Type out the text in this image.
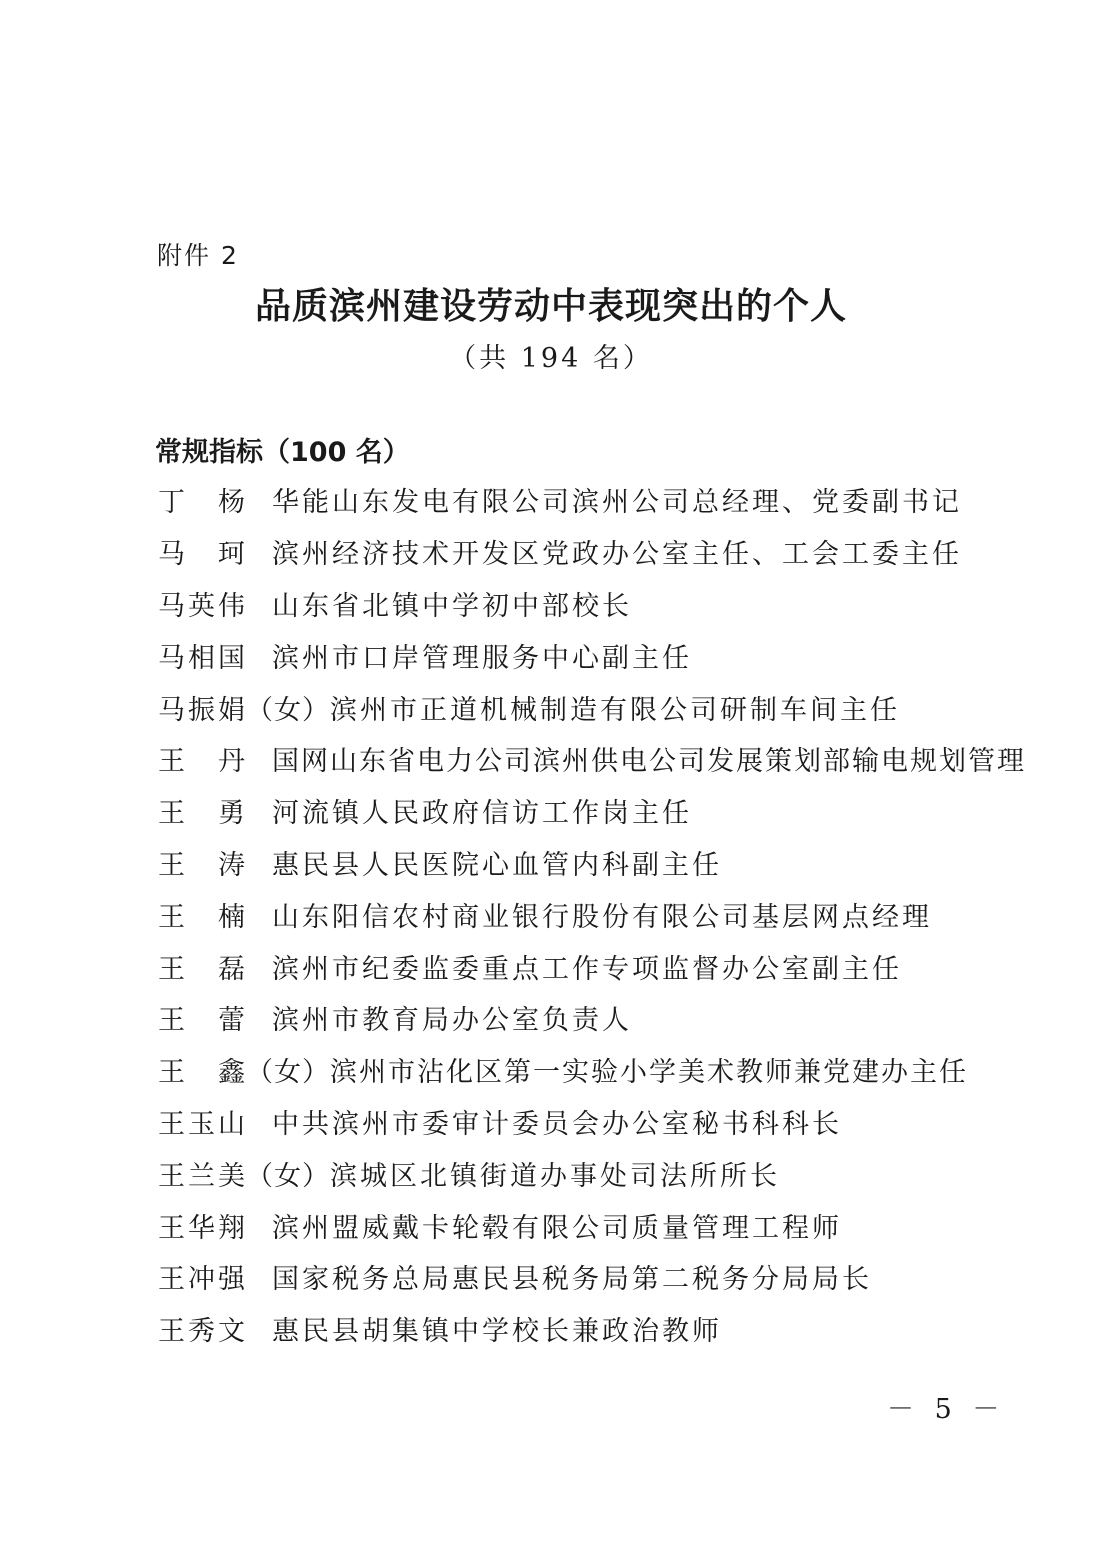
附件 2
品质滨州建设劳动中表现突出的个人
（共 194 名）
常规指标（100 名）
丁　杨 华能山东发电有限公司滨州公司总经理、党委副书记
马　珂 滨州经济技术开发区党政办公室主任、工会工委主任
马英伟 山东省北镇中学初中部校长
马相国 滨州市口岸管理服务中心副主任
马振娟 （女） 滨州市正道机械制造有限公司研制车间主任
王　丹 国网山东省电力公司滨州供电公司发展策划部输电规划管理
王　勇 河流镇人民政府信访工作岗主任
王　涛 惠民县人民医院心血管内科副主任
王　楠 山东阳信农村商业银行股份有限公司基层网点经理
王　磊 滨州市纪委监委重点工作专项监督办公室副主任
王　蕾 滨州市教育局办公室负责人
王　鑫 （女） 滨州市沾化区第一实验小学美术教师兼党建办主任
王玉山 中共滨州市委审计委员会办公室秘书科科长
王兰美 （女） 滨城区北镇街道办事处司法所所长
王华翔 滨州盟威戴卡轮毂有限公司质量管理工程师
王冲强 国家税务总局惠民县税务局第二税务分局局长
王秀文 惠民县胡集镇中学校长兼政治教师
－ 5 －
